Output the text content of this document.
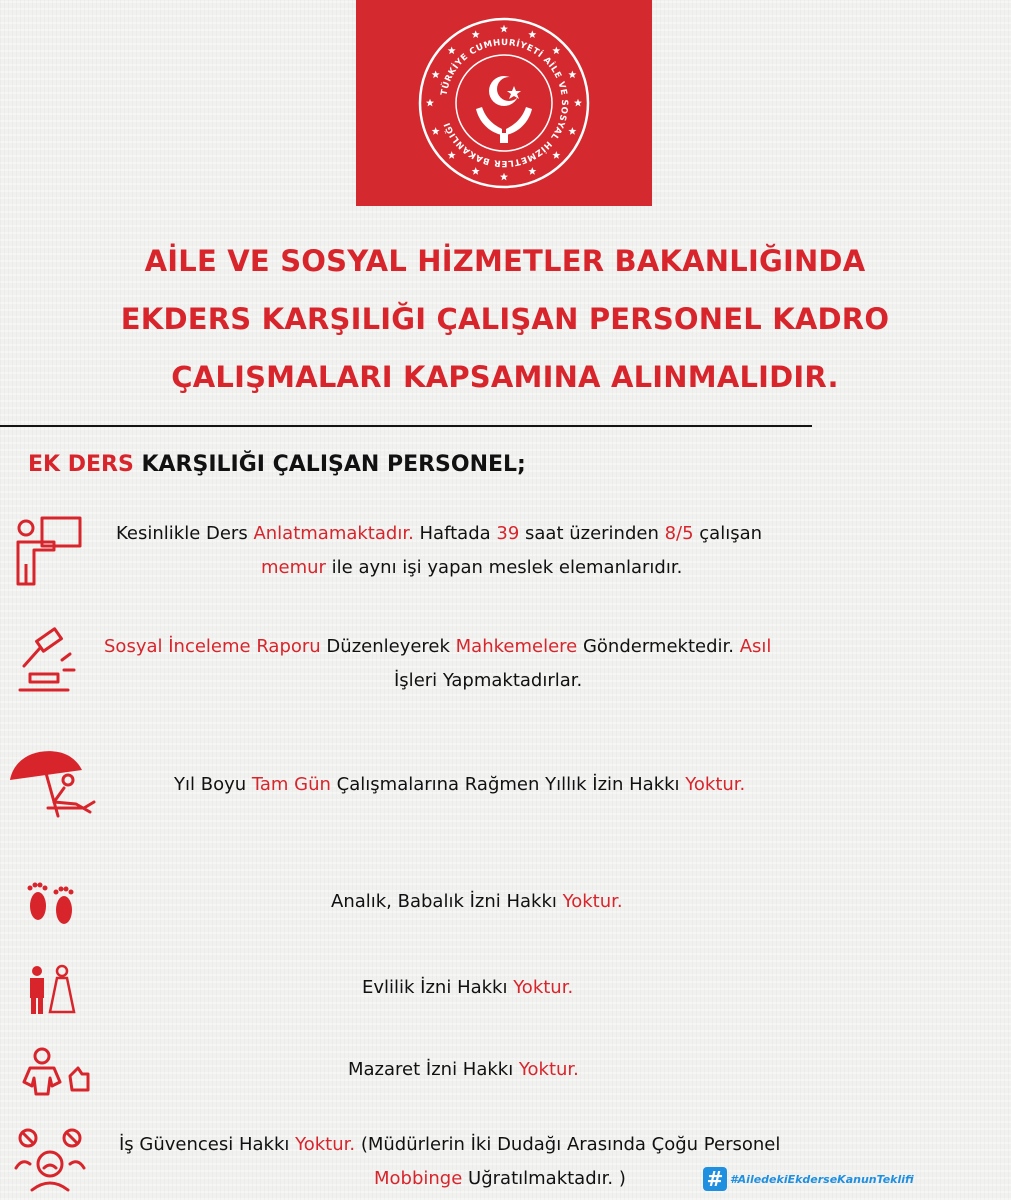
TÜRKİYE CUMHURİYETİ AİLE VE SOSYAL HİZMETLER BAKANLIĞI
AİLE VE SOSYAL HİZMETLER BAKANLIĞINDA
EKDERS KARŞILIĞI ÇALIŞAN PERSONEL KADRO
ÇALIŞMALARI KAPSAMINA ALINMALIDIR.
EK DERS KARŞILIĞI ÇALIŞAN PERSONEL;
Kesinlikle Ders Anlatmamaktadır. Haftada 39 saat üzerinden 8/5 çalışan
memur ile aynı işi yapan meslek elemanlarıdır.
Sosyal İnceleme Raporu Düzenleyerek Mahkemelere Göndermektedir. Asıl
İşleri Yapmaktadırlar.
Yıl Boyu Tam Gün Çalışmalarına Rağmen Yıllık İzin Hakkı Yoktur.
Analık, Babalık İzni Hakkı Yoktur.
Evlilik İzni Hakkı Yoktur.
Mazaret İzni Hakkı Yoktur.
İş Güvencesi Hakkı Yoktur. (Müdürlerin İki Dudağı Arasında Çoğu Personel
Mobbinge Uğratılmaktadır. )	# #AiledekiEkderseKanunTeklifi
